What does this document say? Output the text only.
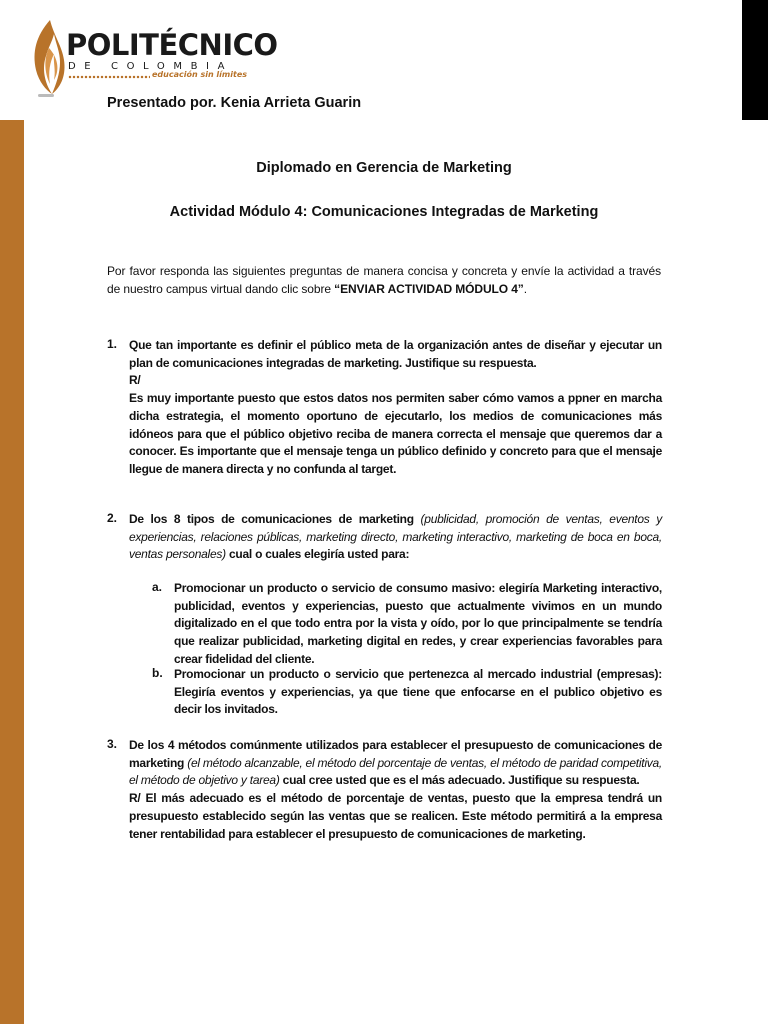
POLITÉCNICO
DE COLOMBIA
educación sin límites
Presentado por. Kenia Arrieta Guarin
Diplomado en Gerencia de Marketing
Actividad Módulo 4: Comunicaciones Integradas de Marketing
Por favor responda las siguientes preguntas de manera concisa y concreta y envíe la actividad a través de nuestro campus virtual dando clic sobre “ENVIAR ACTIVIDAD MÓDULO 4”.
1. Que tan importante es definir el público meta de la organización antes de diseñar y ejecutar un plan de comunicaciones integradas de marketing. Justifique su respuesta.

R/

Es muy importante puesto que estos datos nos permiten saber cómo vamos a ppner en marcha dicha estrategia, el momento oportuno de ejecutarlo, los medios de comunicaciones más idóneos para que el público objetivo reciba de manera correcta el mensaje que queremos dar a conocer. Es importante que el mensaje tenga un público definido y concreto para que el mensaje llegue de manera directa y no confunda al target.

2. De los 8 tipos de comunicaciones de marketing (publicidad, promoción de ventas, eventos y experiencias, relaciones públicas, marketing directo, marketing interactivo, marketing de boca en boca, ventas personales) cual o cuales elegiría usted para:
a. Promocionar un producto o servicio de consumo masivo: elegiría Marketing interactivo, publicidad, eventos y experiencias, puesto que actualmente vivimos en un mundo digitalizado en el que todo entra por la vista y oído, por lo que principalmente se tendría que realizar publicidad, marketing digital en redes, y crear experiencias favorables para crear fidelidad del cliente.
b. Promocionar un producto o servicio que pertenezca al mercado industrial (empresas): Elegiría eventos y experiencias, ya que tiene que enfocarse en el publico objetivo es decir los invitados.
3. De los 4 métodos comúnmente utilizados para establecer el presupuesto de comunicaciones de marketing (el método alcanzable, el método del porcentaje de ventas, el método de paridad competitiva, el método de objetivo y tarea) cual cree usted que es el más adecuado. Justifique su respuesta.

R/ El más adecuado es el método de porcentaje de ventas, puesto que la empresa tendrá un presupuesto establecido según las ventas que se realicen. Este método permitirá a la empresa tener rentabilidad para establecer el presupuesto de comunicaciones de marketing.
